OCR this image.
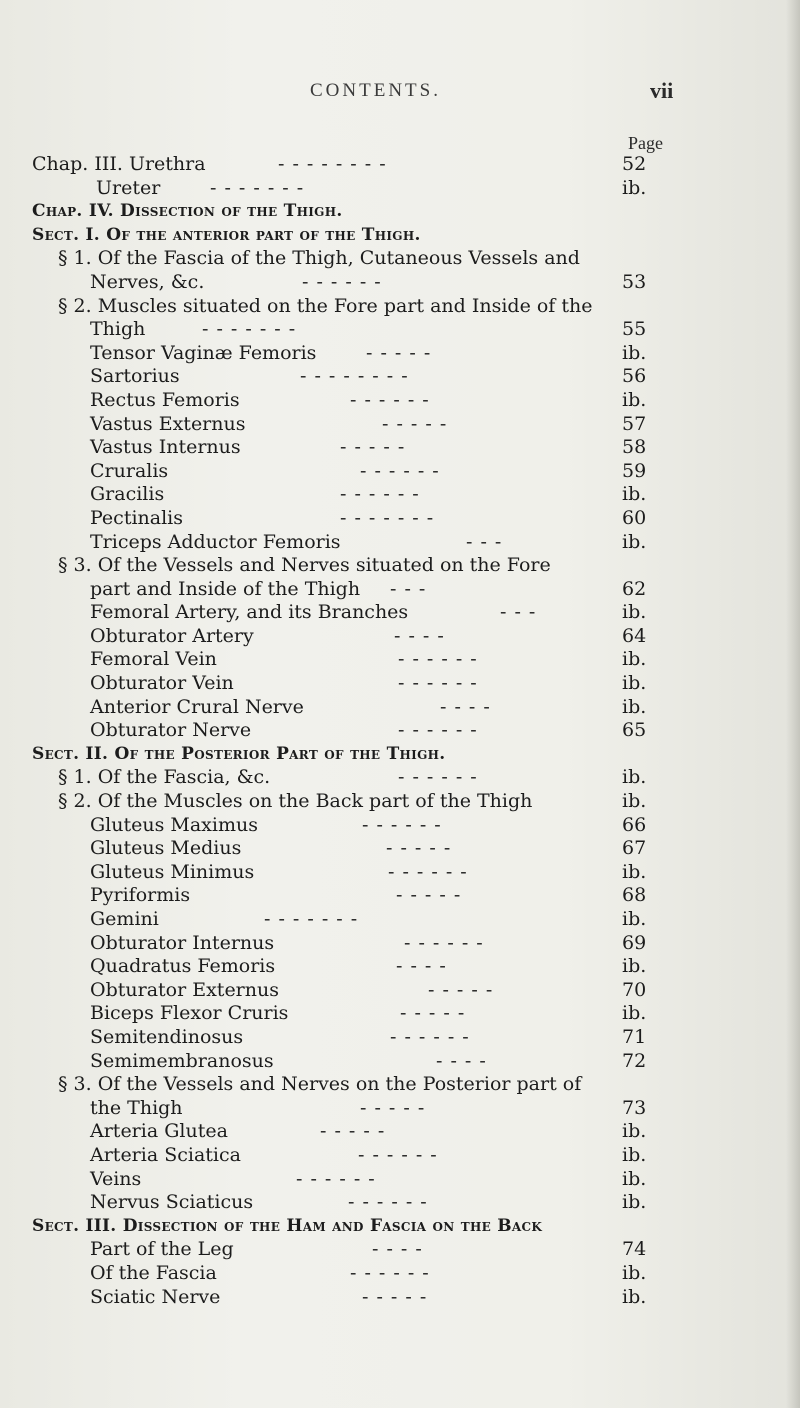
CONTENTS.	vii
Page
Chap. III. Urethra	- - - - - - - -	52
Ureter	- - - - - - -	ib.
Chap. IV. Dissection of the Thigh.
Sect. I. Of the anterior part of the Thigh.
§ 1. Of the Fascia of the Thigh, Cutaneous Vessels and
Nerves, &c.	- - - - - -	53
§ 2. Muscles situated on the Fore part and Inside of the
Thigh	- - - - - - -	55
Tensor Vaginæ Femoris	- - - - -	ib.
Sartorius	- - - - - - - -	56
Rectus Femoris	- - - - - -	ib.
Vastus Externus	- - - - -	57
Vastus Internus	- - - - -	58
Cruralis	- - - - - -	59
Gracilis	- - - - - -	ib.
Pectinalis	- - - - - - -	60
Triceps Adductor Femoris	- - -	ib.
§ 3. Of the Vessels and Nerves situated on the Fore
part and Inside of the Thigh - - -	62
Femoral Artery, and its Branches	- - -	ib.
Obturator Artery	- - - -	64
Femoral Vein	- - - - - -	ib.
Obturator Vein	- - - - - -	ib.
Anterior Crural Nerve	- - - -	ib.
Obturator Nerve	- - - - - -	65
Sect. II. Of the Posterior Part of the Thigh.
§ 1. Of the Fascia, &c.	- - - - - -	ib.
§ 2. Of the Muscles on the Back part of the Thigh	ib.
Gluteus Maximus	- - - - - -	66
Gluteus Medius	- - - - -	67
Gluteus Minimus	- - - - - -	ib.
Pyriformis	- - - - -	68
Gemini	- - - - - - -	ib.
Obturator Internus	- - - - - -	69
Quadratus Femoris	- - - -	ib.
Obturator Externus	- - - - -	70
Biceps Flexor Cruris	- - - - -	ib.
Semitendinosus	- - - - - -	71
Semimembranosus	- - - -	72
§ 3. Of the Vessels and Nerves on the Posterior part of
the Thigh	- - - - -	73
Arteria Glutea	- - - - -	ib.
Arteria Sciatica	- - - - - -	ib.
Veins	- - - - - -	ib.
Nervus Sciaticus	- - - - - -	ib.
Sect. III. Dissection of the Ham and Fascia on the Back
Part of the Leg	- - - -	74
Of the Fascia	- - - - - -	ib.
Sciatic Nerve	- - - - -	ib.
